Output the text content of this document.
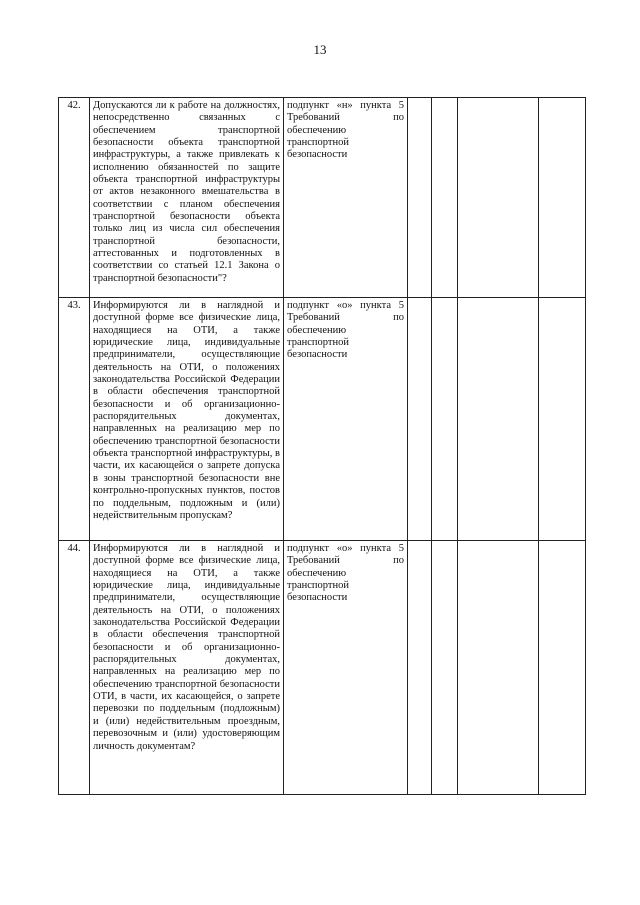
13
42.	Допускаются ли к работе на должностях, непосредственно связанных с обеспечением транспортной безопасности объекта транспортной инфраструктуры, а также привлекать к исполнению обязанностей по защите объекта транспортной инфраструктуры от актов незаконного вмешательства в соответствии с планом обеспечения транспортной безопасности объекта только лиц из числа сил обеспечения транспортной безопасности, аттестованных и подготовленных в соответствии со статьей 12.1 Закона о транспортной безопасности"?	подпункт «н» пункта 5 Требований по обеспечению транспортной безопасности				
43.	Информируются ли в наглядной и доступной форме все физические лица, находящиеся на ОТИ, а также юридические лица, индивидуальные предприниматели, осуществляющие деятельность на ОТИ, о положениях законодательства Российской Федерации в области обеспечения транспортной безопасности и об организационно-распорядительных документах, направленных на реализацию мер по обеспечению транспортной безопасности объекта транспортной инфраструктуры, в части, их касающейся о запрете допуска в зоны транспортной безопасности вне контрольно-пропускных пунктов, постов по поддельным, подложным и (или) недействительным пропускам?	подпункт «о» пункта 5 Требований по обеспечению транспортной безопасности				
44.	Информируются ли в наглядной и доступной форме все физические лица, находящиеся на ОТИ, а также юридические лица, индивидуальные предприниматели, осуществляющие деятельность на ОТИ, о положениях законодательства Российской Федерации в области обеспечения транспортной безопасности и об организационно-распорядительных документах, направленных на реализацию мер по обеспечению транспортной безопасности ОТИ, в части, их касающейся, о запрете перевозки по поддельным (подложным) и (или) недействительным проездным, перевозочным и (или) удостоверяющим личность документам?	подпункт «о» пункта 5 Требований по обеспечению транспортной безопасности				
